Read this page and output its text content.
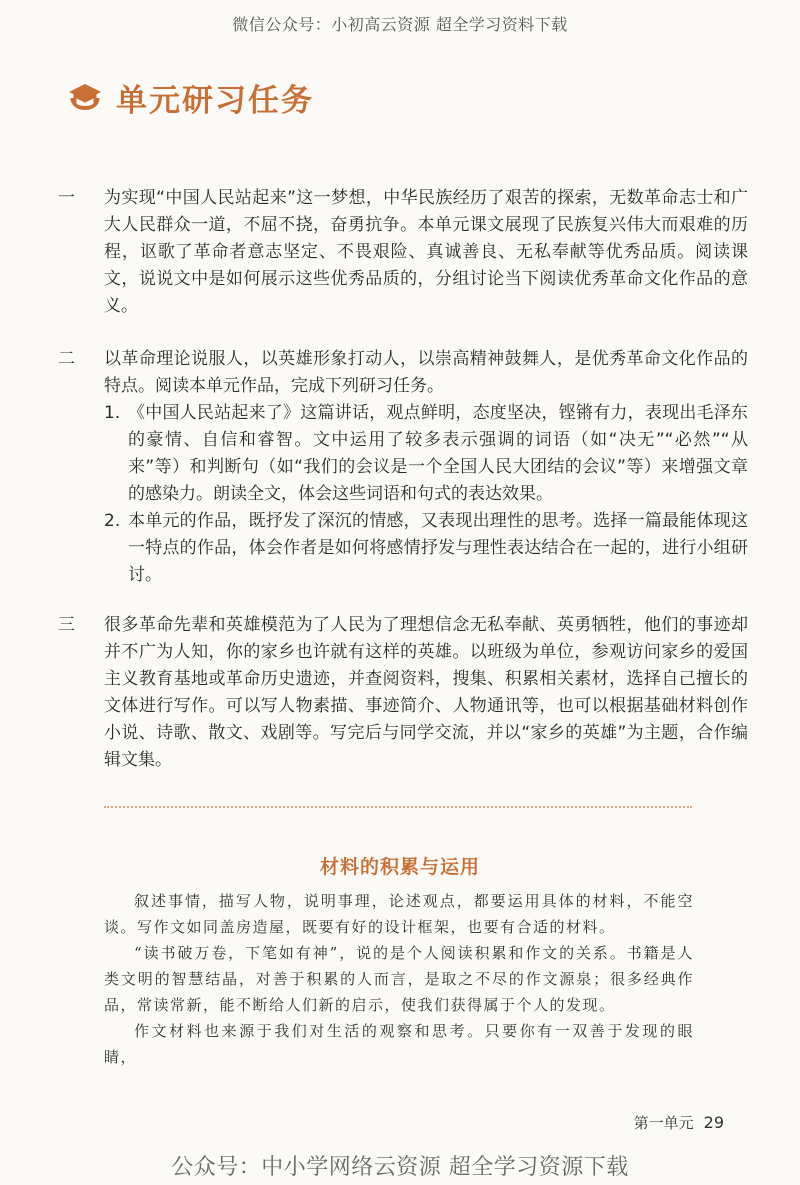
微信公众号：小初高云资源 超全学习资料下载
单元研习任务
一	为实现“中国人民站起来”这一梦想，中华民族经历了艰苦的探索，无数革命志士和广大人民群众一道，不屈不挠，奋勇抗争。本单元课文展现了民族复兴伟大而艰难的历程，讴歌了革命者意志坚定、不畏艰险、真诚善良、无私奉献等优秀品质。阅读课文，说说文中是如何展示这些优秀品质的，分组讨论当下阅读优秀革命文化作品的意义。
二	以革命理论说服人，以英雄形象打动人，以崇高精神鼓舞人，是优秀革命文化作品的特点。阅读本单元作品，完成下列研习任务。
1. 《中国人民站起来了》这篇讲话，观点鲜明，态度坚决，铿锵有力，表现出毛泽东的豪情、自信和睿智。文中运用了较多表示强调的词语（如“决无”“必然”“从来”等）和判断句（如“我们的会议是一个全国人民大团结的会议”等）来增强文章的感染力。朗读全文，体会这些词语和句式的表达效果。
2. 本单元的作品，既抒发了深沉的情感，又表现出理性的思考。选择一篇最能体现这一特点的作品，体会作者是如何将感情抒发与理性表达结合在一起的，进行小组研讨。
三	很多革命先辈和英雄模范为了人民为了理想信念无私奉献、英勇牺牲，他们的事迹却并不广为人知，你的家乡也许就有这样的英雄。以班级为单位，参观访问家乡的爱国主义教育基地或革命历史遗迹，并查阅资料，搜集、积累相关素材，选择自己擅长的文体进行写作。可以写人物素描、事迹简介、人物通讯等，也可以根据基础材料创作小说、诗歌、散文、戏剧等。写完后与同学交流，并以“家乡的英雄”为主题，合作编辑文集。
材料的积累与运用

叙述事情，描写人物，说明事理，论述观点，都要运用具体的材料，不能空谈。写作文如同盖房造屋，既要有好的设计框架，也要有合适的材料。

“读书破万卷，下笔如有神”，说的是个人阅读积累和作文的关系。书籍是人类文明的智慧结晶，对善于积累的人而言，是取之不尽的作文源泉；很多经典作品，常读常新，能不断给人们新的启示，使我们获得属于个人的发现。

作文材料也来源于我们对生活的观察和思考。只要你有一双善于发现的眼睛，

第一单元 29
公众号：中小学网络云资源 超全学习资源下载
